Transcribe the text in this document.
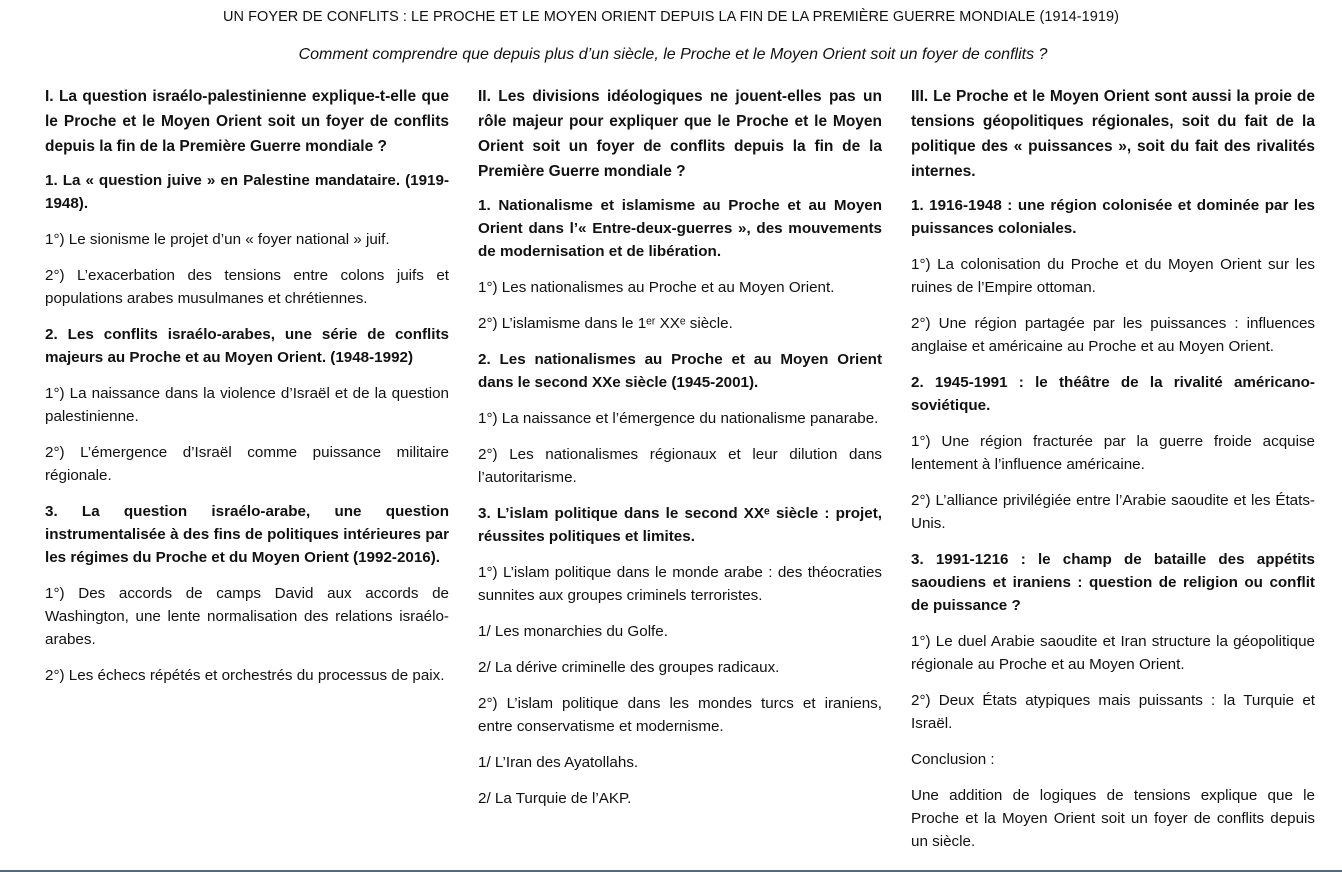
UN FOYER DE CONFLITS : LE PROCHE ET LE MOYEN ORIENT DEPUIS LA FIN DE LA PREMIÈRE GUERRE MONDIALE (1914-1919)
Comment comprendre que depuis plus d’un siècle, le Proche et le Moyen Orient soit un foyer de conflits ?

I. La question israélo-palestinienne explique-t-elle que le Proche et le Moyen Orient soit un foyer de conflits depuis la fin de la Première Guerre mondiale ?

1. La « question juive » en Palestine mandataire. (1919-1948).

1°) Le sionisme le projet d’un « foyer national » juif.

2°) L’exacerbation des tensions entre colons juifs et populations arabes musulmanes et chrétiennes.

2. Les conflits israélo-arabes, une série de conflits majeurs au Proche et au Moyen Orient. (1948-1992)

1°) La naissance dans la violence d’Israël et de la question palestinienne.

2°) L’émergence d’Israël comme puissance militaire régionale.

3. La question israélo-arabe, une question instrumentalisée à des fins de politiques intérieures par les régimes du Proche et du Moyen Orient (1992-2016).

1°) Des accords de camps David aux accords de Washington, une lente normalisation des relations israélo-arabes.

2°) Les échecs répétés et orchestrés du processus de paix.

II. Les divisions idéologiques ne jouent-elles pas un rôle majeur pour expliquer que le Proche et le Moyen Orient soit un foyer de conflits depuis la fin de la Première Guerre mondiale ?

1. Nationalisme et islamisme au Proche et au Moyen Orient dans l’« Entre-deux-guerres », des mouvements de modernisation et de libération.

1°) Les nationalismes au Proche et au Moyen Orient.

2°) L’islamisme dans le 1ᵉʳ XXᵉ siècle.

2. Les nationalismes au Proche et au Moyen Orient dans le second XXe siècle (1945-2001).

1°) La naissance et l’émergence du nationalisme panarabe.

2°) Les nationalismes régionaux et leur dilution dans l’autoritarisme.

3. L’islam politique dans le second XXᵉ siècle : projet, réussites politiques et limites.

1°) L’islam politique dans le monde arabe : des théocraties sunnites aux groupes criminels terroristes.

1/ Les monarchies du Golfe.

2/ La dérive criminelle des groupes radicaux.

2°) L’islam politique dans les mondes turcs et iraniens, entre conservatisme et modernisme.

1/ L’Iran des Ayatollahs.

2/ La Turquie de l’AKP.

III. Le Proche et le Moyen Orient sont aussi la proie de tensions géopolitiques régionales, soit du fait de la politique des « puissances », soit du fait des rivalités internes.

1. 1916-1948 : une région colonisée et dominée par les puissances coloniales.

1°) La colonisation du Proche et du Moyen Orient sur les ruines de l’Empire ottoman.

2°) Une région partagée par les puissances : influences anglaise et américaine au Proche et au Moyen Orient.

2. 1945-1991 : le théâtre de la rivalité américano-soviétique.

1°) Une région fracturée par la guerre froide acquise lentement à l’influence américaine.

2°) L’alliance privilégiée entre l’Arabie saoudite et les États-Unis.

3. 1991-1216 : le champ de bataille des appétits saoudiens et iraniens : question de religion ou conflit de puissance ?

1°) Le duel Arabie saoudite et Iran structure la géopolitique régionale au Proche et au Moyen Orient.

2°) Deux États atypiques mais puissants : la Turquie et Israël.

Conclusion :

Une addition de logiques de tensions explique que le Proche et la Moyen Orient soit un foyer de conflits depuis un siècle.
